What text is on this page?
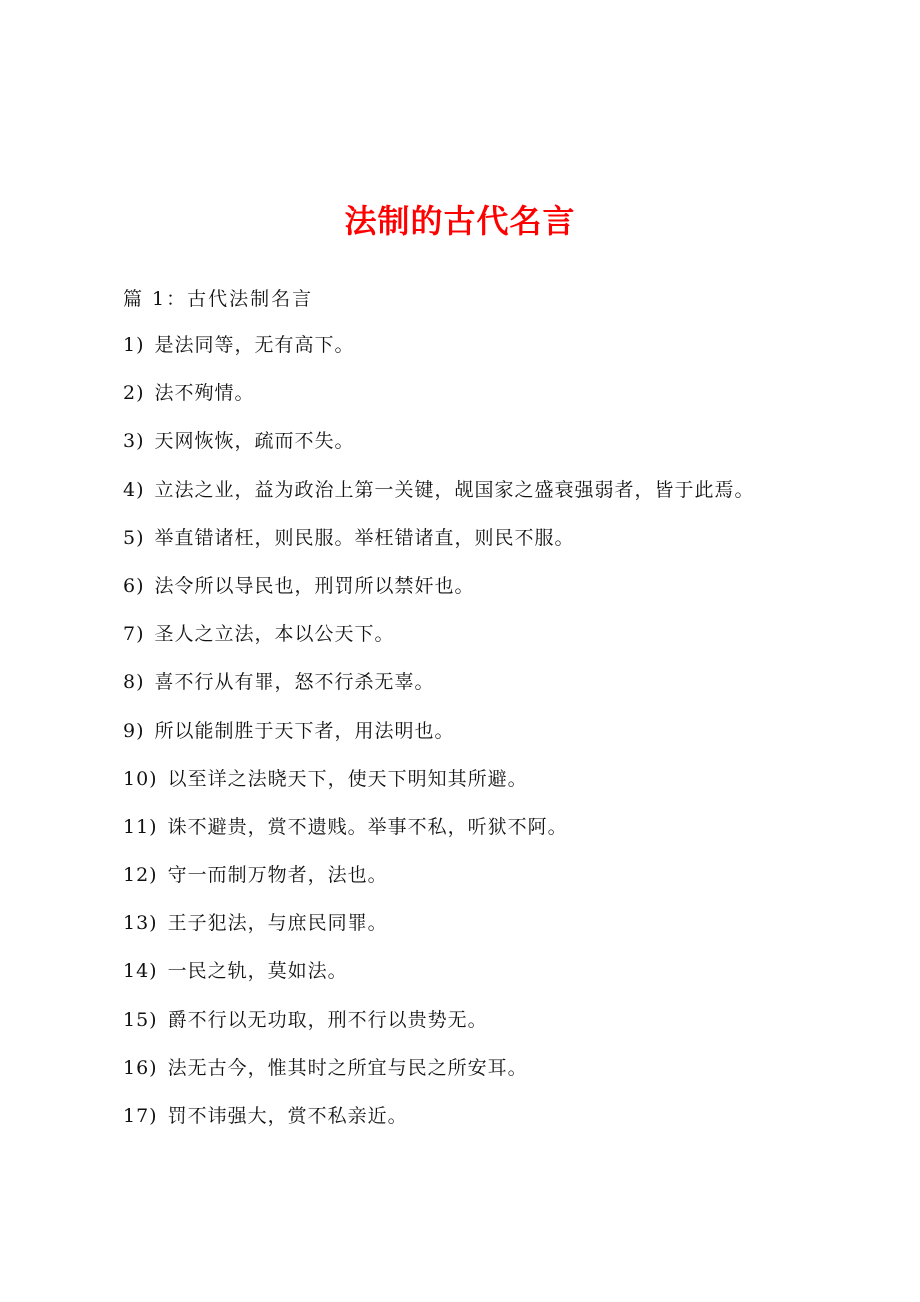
法制的古代名言
篇 1：古代法制名言
1) 是法同等，无有高下。
2) 法不殉情。
3) 天网恢恢，疏而不失。
4) 立法之业，益为政治上第一关键，觇国家之盛衰强弱者，皆于此焉。
5) 举直错诸枉，则民服。举枉错诸直，则民不服。
6) 法令所以导民也，刑罚所以禁奸也。
7) 圣人之立法，本以公天下。
8) 喜不行从有罪，怒不行杀无辜。
9) 所以能制胜于天下者，用法明也。
10) 以至详之法晓天下，使天下明知其所避。
11) 诛不避贵，赏不遗贱。举事不私，听狱不阿。
12) 守一而制万物者，法也。
13) 王子犯法，与庶民同罪。
14) 一民之轨，莫如法。
15) 爵不行以无功取，刑不行以贵势无。
16) 法无古今，惟其时之所宜与民之所安耳。
17) 罚不讳强大，赏不私亲近。
